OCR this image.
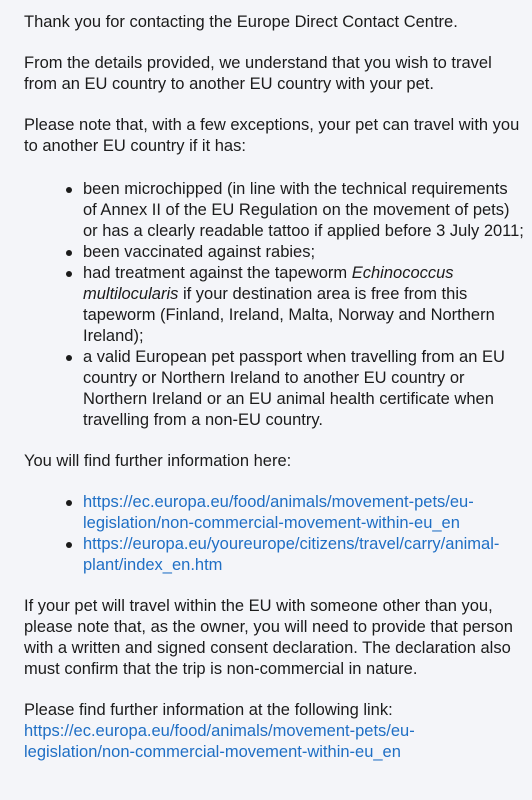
Thank you for contacting the Europe Direct Contact Centre.

From the details provided, we understand that you wish to travel from an EU country to another EU country with your pet.

Please note that, with a few exceptions, your pet can travel with you to another EU country if it has:

been microchipped (in line with the technical requirements of Annex II of the EU Regulation on the movement of pets) or has a clearly readable tattoo if applied before 3 July 2011;
been vaccinated against rabies;
had treatment against the tapeworm Echinococcus multilocularis if your destination area is free from this tapeworm (Finland, Ireland, Malta, Norway and Northern Ireland);
a valid European pet passport when travelling from an EU country or Northern Ireland to another EU country or Northern Ireland or an EU animal health certificate when travelling from a non-EU country.

You will find further information here:

https://ec.europa.eu/food/animals/movement-pets/eu-legislation/non-commercial-movement-within-eu_en
https://europa.eu/youreurope/citizens/travel/carry/animal-plant/index_en.htm

If your pet will travel within the EU with someone other than you, please note that, as the owner, you will need to provide that person with a written and signed consent declaration. The declaration also must confirm that the trip is non-commercial in nature.

Please find further information at the following link:

https://ec.europa.eu/food/animals/movement-pets/eu-legislation/non-commercial-movement-within-eu_en
